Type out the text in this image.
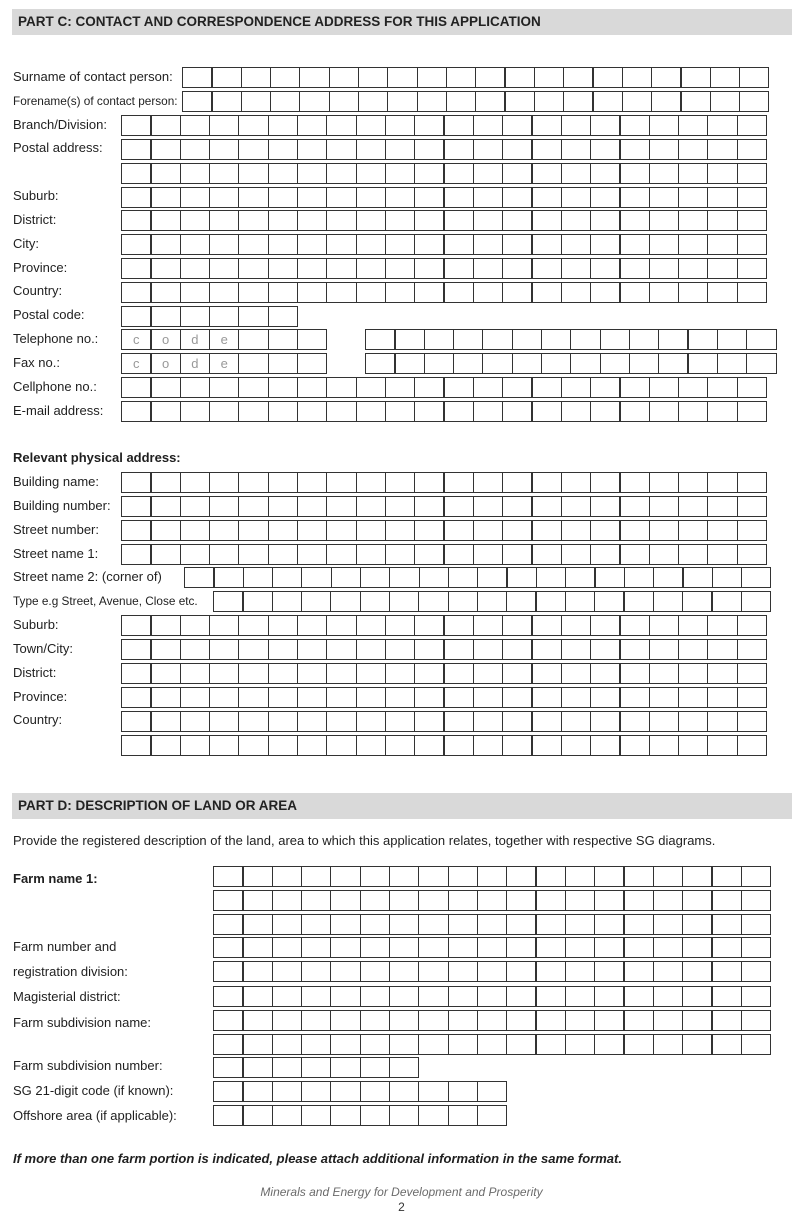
PART C: CONTACT AND CORRESPONDENCE ADDRESS FOR THIS APPLICATION
Surname of contact person:
Forename(s) of contact person:
Branch/Division:
Postal address:
Suburb:
District:
City:
Province:
Country:
Postal code:
Telephone no.:
Fax no.:
Cellphone no.:
E-mail address:
Relevant physical address:
Building name:
Building number:
Street number:
Street name 1:
Street name 2: (corner of)
Type e.g Street, Avenue, Close etc.
Suburb:
Town/City:
District:
Province:
Country:
PART D: DESCRIPTION OF LAND OR AREA
Provide the registered description of the land, area to which this application relates, together with respective SG diagrams.
Farm name 1:
Farm number and
registration division:
Magisterial district:
Farm subdivision name:
Farm subdivision number:
SG 21-digit code (if known):
Offshore area (if applicable):
If more than one farm portion is indicated, please attach additional information in the same format.
Minerals and Energy for Development and Prosperity
2
c	o	d	e
c	o	d	e
